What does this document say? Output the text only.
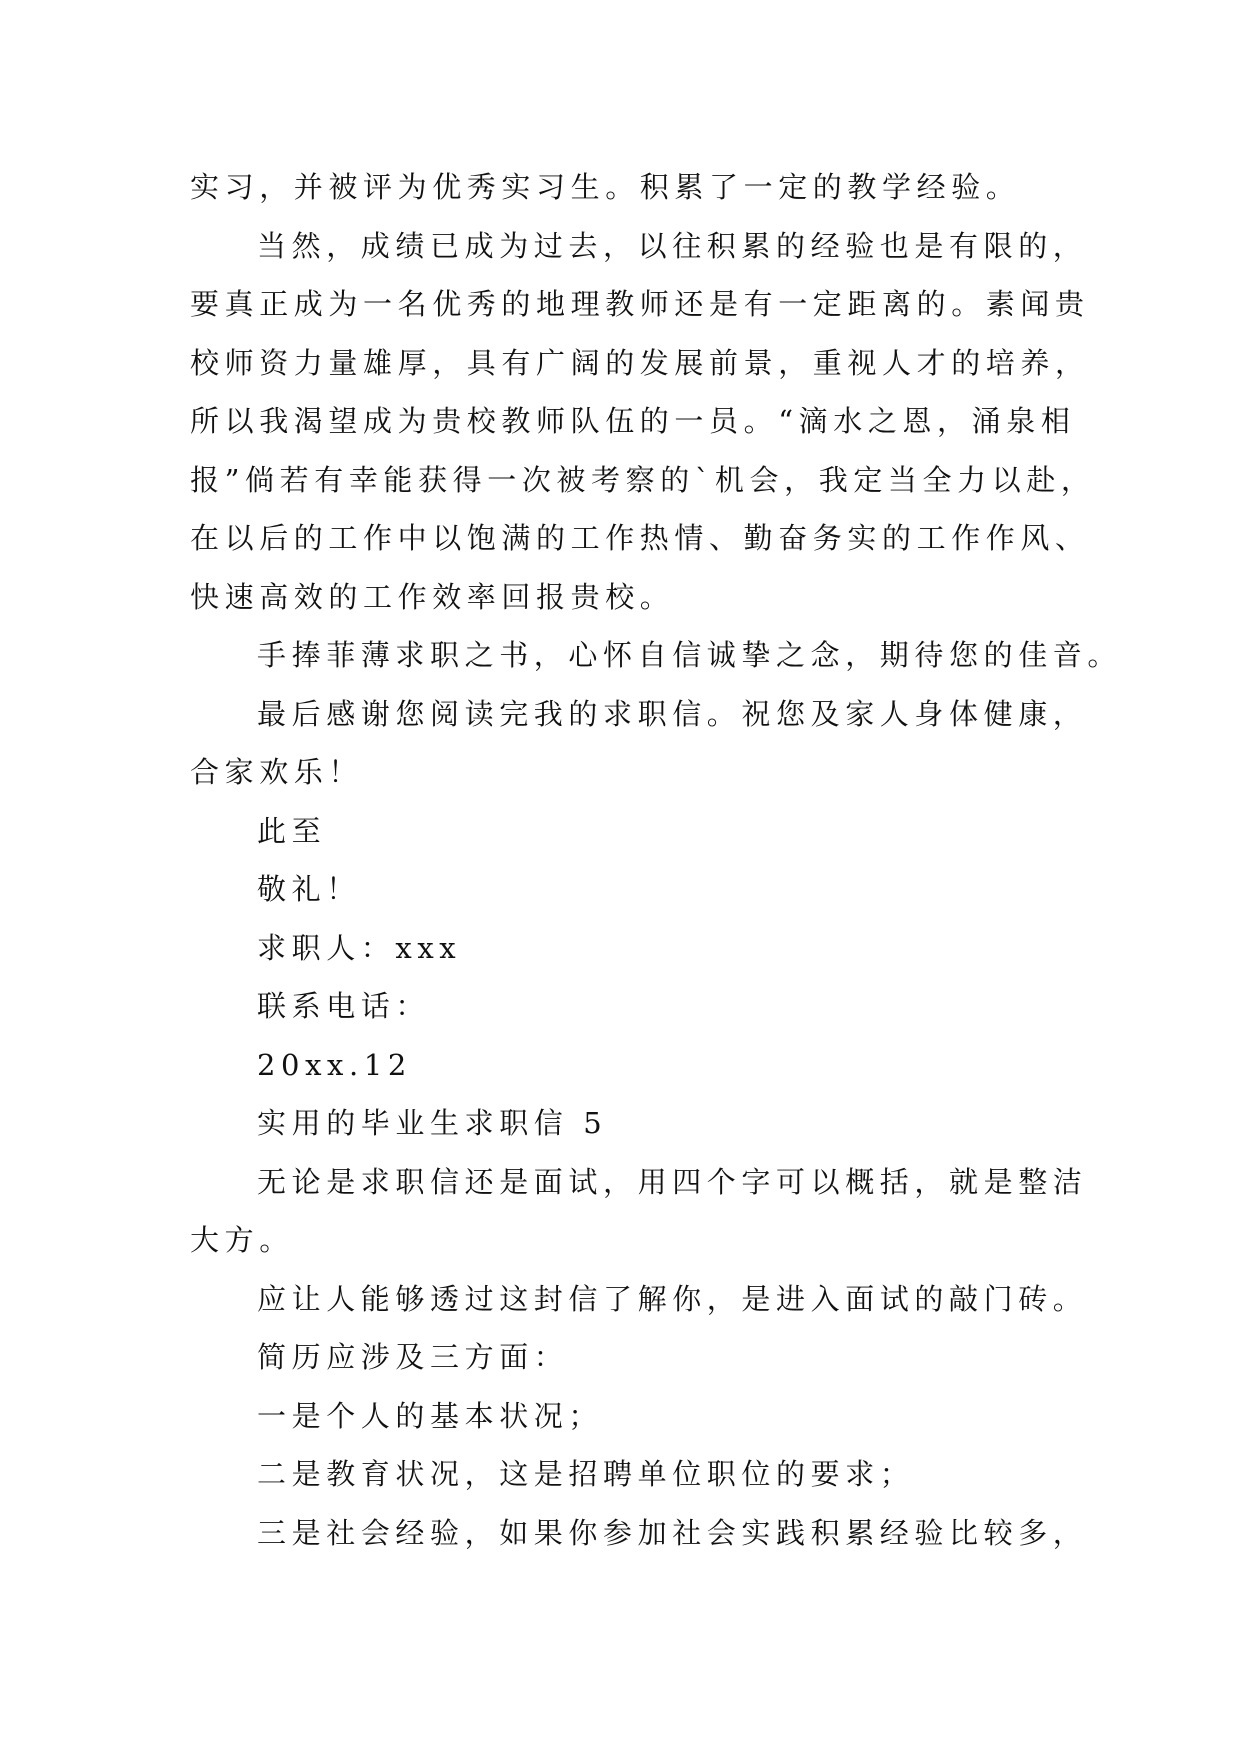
实习，并被评为优秀实习生。积累了一定的教学经验。
当然，成绩已成为过去，以往积累的经验也是有限的，
要真正成为一名优秀的地理教师还是有一定距离的。素闻贵
校师资力量雄厚，具有广阔的发展前景，重视人才的培养，
所以我渴望成为贵校教师队伍的一员。“滴水之恩，涌泉相
报”倘若有幸能获得一次被考察的`机会，我定当全力以赴，
在以后的工作中以饱满的工作热情、勤奋务实的工作作风、
快速高效的工作效率回报贵校。
手捧菲薄求职之书，心怀自信诚挚之念，期待您的佳音。
最后感谢您阅读完我的求职信。祝您及家人身体健康，
合家欢乐！
此至
敬礼！
求职人：xxx
联系电话：
20xx.12
实用的毕业生求职信 5
无论是求职信还是面试，用四个字可以概括，就是整洁
大方。
应让人能够透过这封信了解你，是进入面试的敲门砖。
简历应涉及三方面：
一是个人的基本状况；
二是教育状况，这是招聘单位职位的要求；
三是社会经验，如果你参加社会实践积累经验比较多，
